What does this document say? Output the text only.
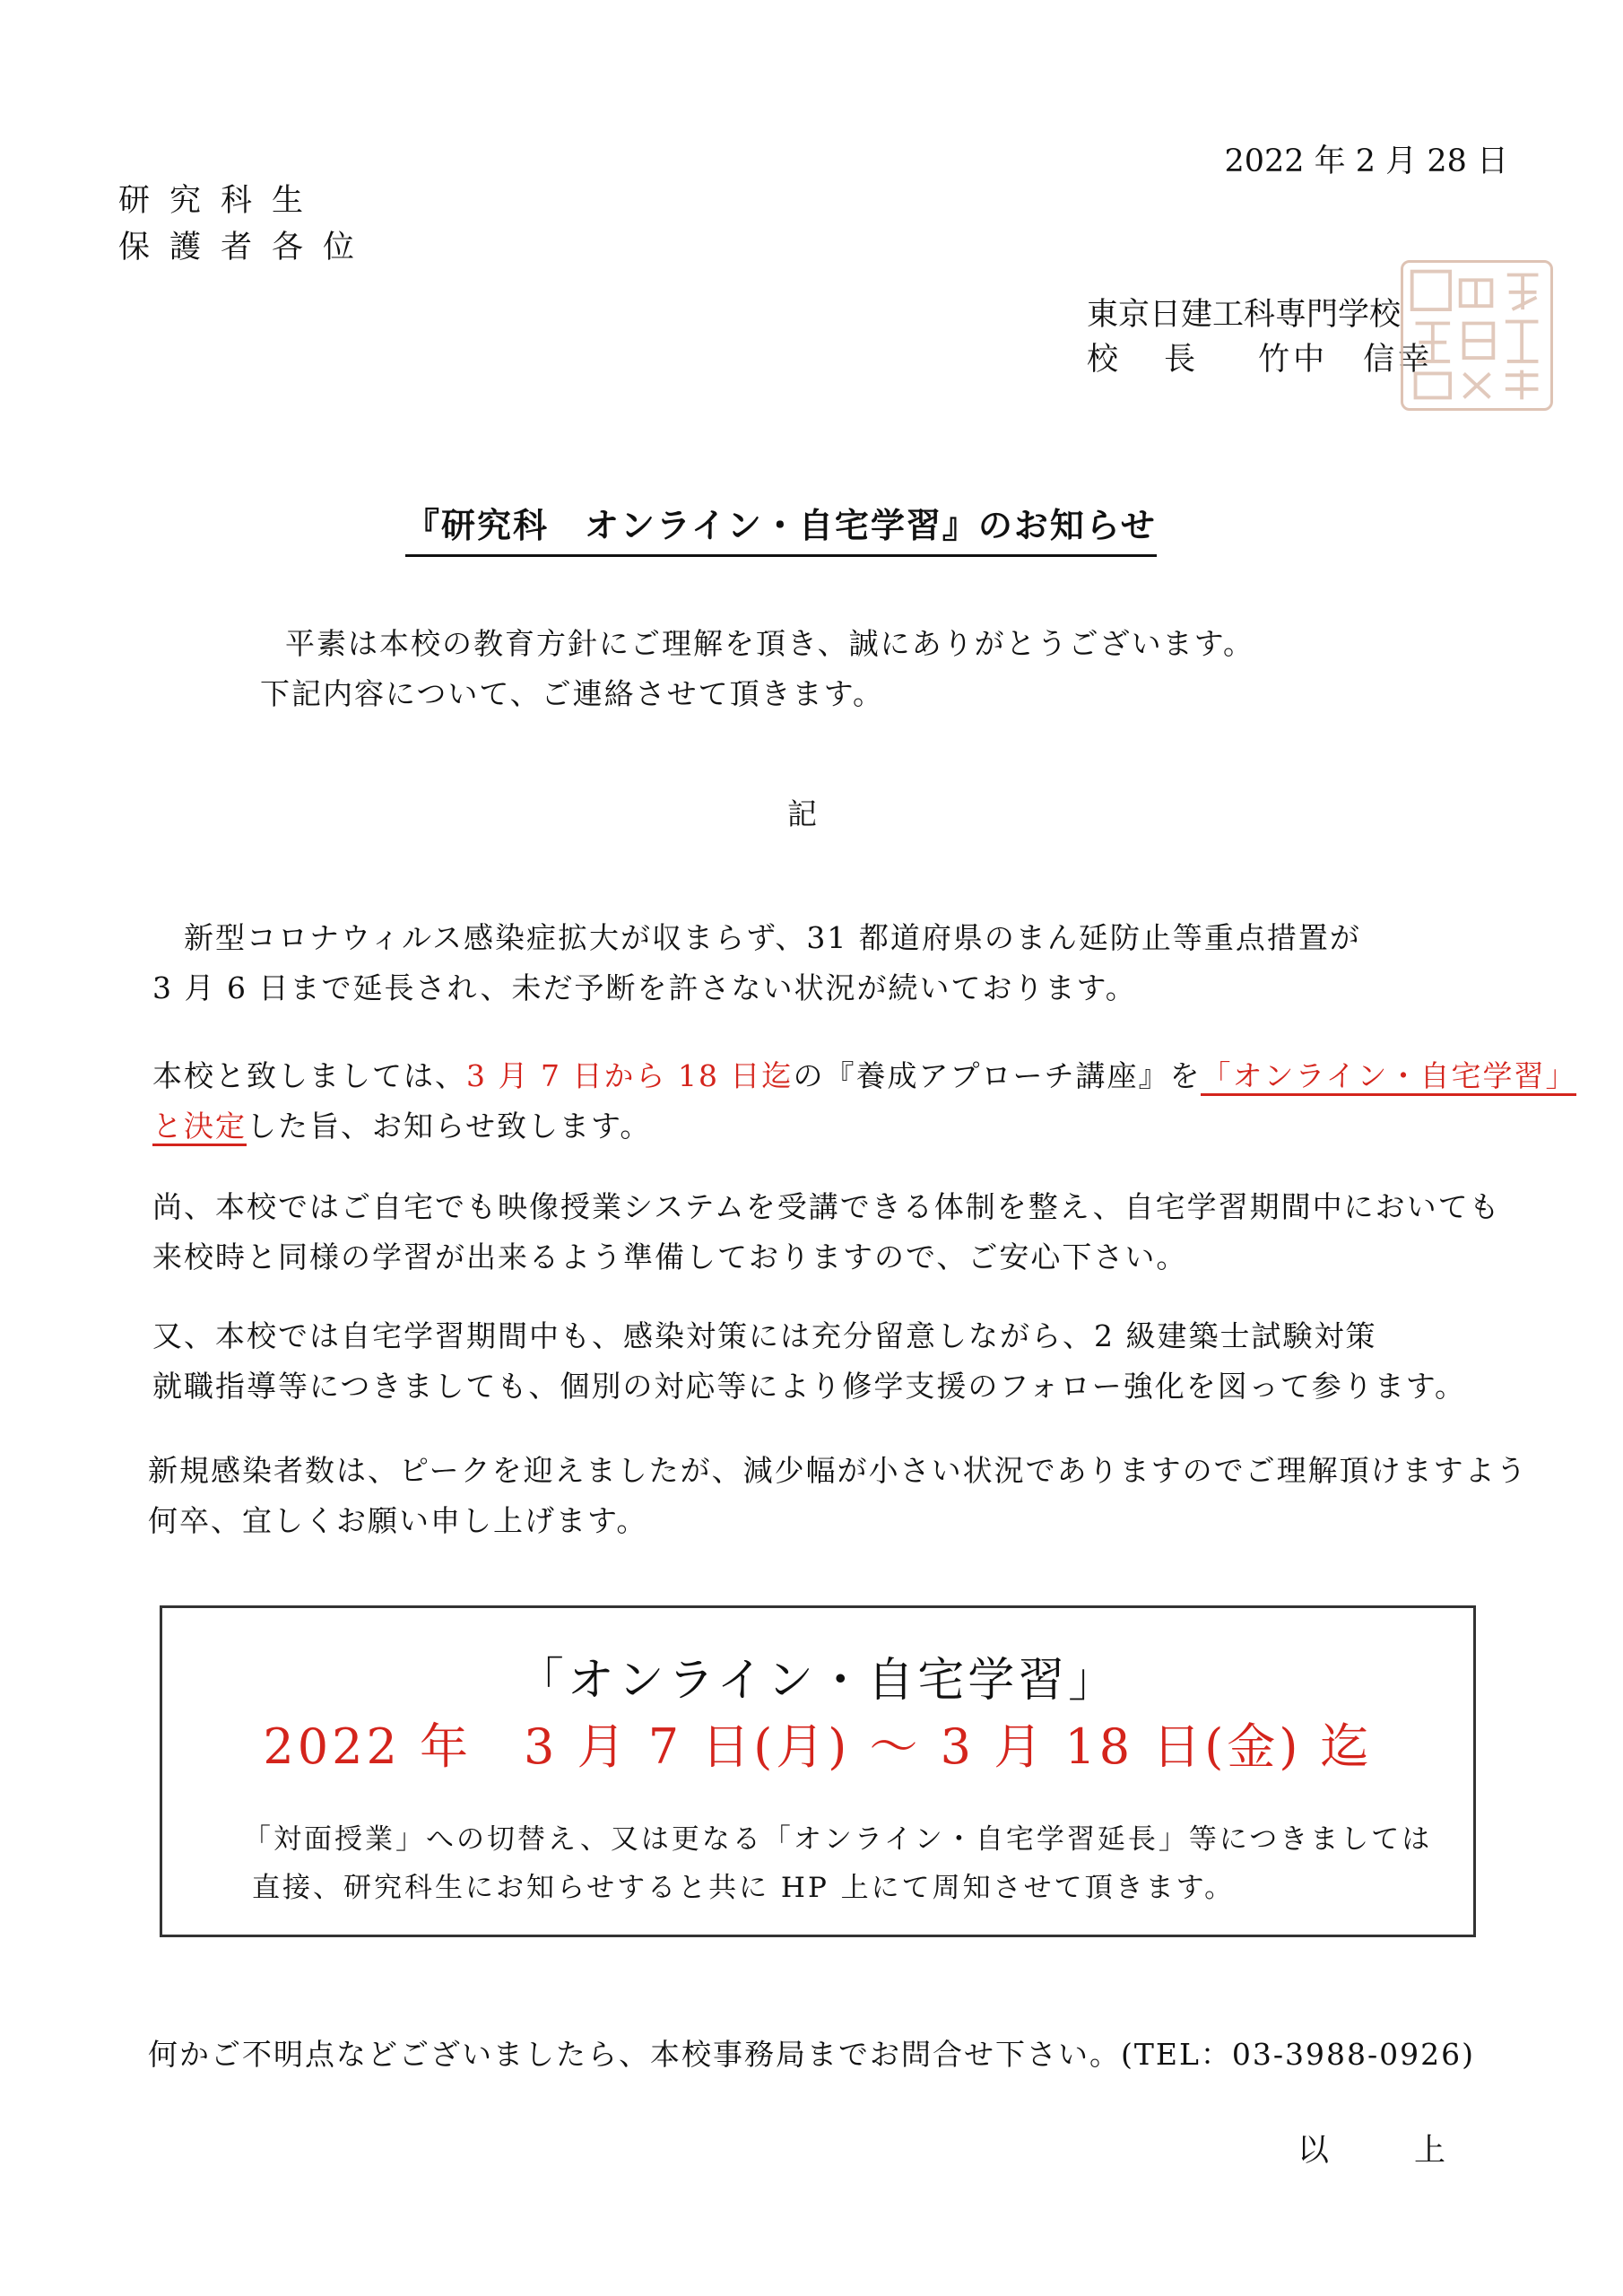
2022 年 2 月 28 日
研究科生
保護者各位
東京日建工科専門学校
校 長 竹中　信幸
『研究科　オンライン・自宅学習』のお知らせ
平素は本校の教育方針にご理解を頂き、誠にありがとうございます。
下記内容について、ご連絡させて頂きます。
記
新型コロナウィルス感染症拡大が収まらず、31 都道府県のまん延防止等重点措置が
3 月 6 日まで延長され、未だ予断を許さない状況が続いております。
本校と致しましては、3 月 7 日から 18 日迄の『養成アプローチ講座』を「オンライン・自宅学習」
と決定した旨、お知らせ致します。
尚、本校ではご自宅でも映像授業システムを受講できる体制を整え、自宅学習期間中においても
来校時と同様の学習が出来るよう準備しておりますので、ご安心下さい。
又、本校では自宅学習期間中も、感染対策には充分留意しながら、2 級建築士試験対策
就職指導等につきましても、個別の対応等により修学支援のフォロー強化を図って参ります。
新規感染者数は、ピークを迎えましたが、減少幅が小さい状況でありますのでご理解頂けますよう
何卒、宜しくお願い申し上げます。
「オンライン・自宅学習」
2022 年　3 月 7 日(月) ～ 3 月 18 日(金) 迄
「対面授業」への切替え、又は更なる「オンライン・自宅学習延長」等につきましては
直接、研究科生にお知らせすると共に HP 上にて周知させて頂きます。
何かご不明点などございましたら、本校事務局までお問合せ下さい。(TEL：03-3988-0926)
以　上
